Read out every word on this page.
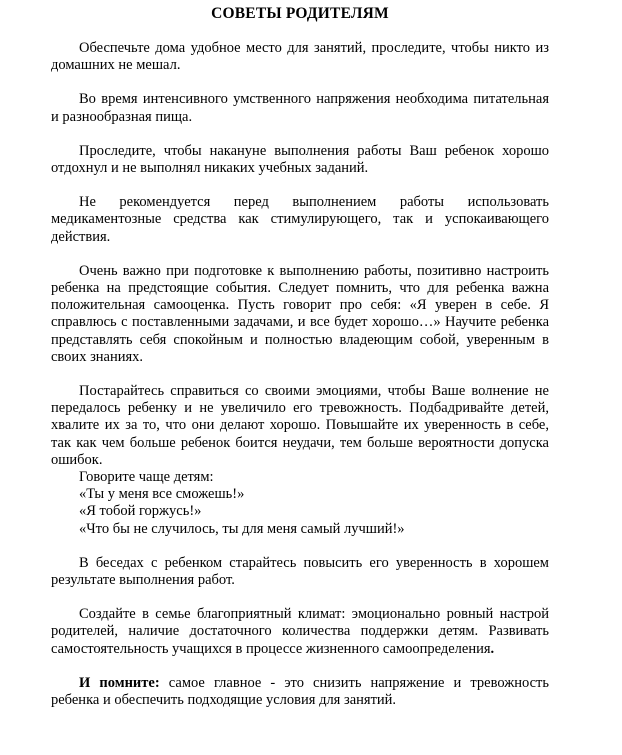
СОВЕТЫ РОДИТЕЛЯМ

Обеспечьте дома удобное место для занятий, проследите, чтобы никто из домашних не мешал.

Во время интенсивного умственного напряжения необходима питательная и разнообразная пища.

Проследите, чтобы накануне выполнения работы Ваш ребенок хорошо отдохнул и не выполнял никаких учебных заданий.

Не рекомендуется перед выполнением работы использовать медикаментозные средства как стимулирующего, так и успокаивающего действия.

Очень важно при подготовке к выполнению работы, позитивно настроить ребенка на предстоящие события. Следует помнить, что для ребенка важна положительная самооценка. Пусть говорит про себя: «Я уверен в себе. Я справлюсь с поставленными задачами, и все будет хорошо…» Научите ребенка представлять себя спокойным и полностью владеющим собой, уверенным в своих знаниях.

Постарайтесь справиться со своими эмоциями, чтобы Ваше волнение не передалось ребенку и не увеличило его тревожность. Подбадривайте детей, хвалите их за то, что они делают хорошо. Повышайте их уверенность в себе, так как чем больше ребенок боится неудачи, тем больше вероятности допуска ошибок.

Говорите чаще детям:

«Ты у меня все сможешь!»

«Я тобой горжусь!»

«Что бы не случилось, ты для меня самый лучший!»

В беседах с ребенком старайтесь повысить его уверенность в хорошем результате выполнения работ.

Создайте в семье благоприятный климат: эмоционально ровный настрой родителей, наличие достаточного количества поддержки детям. Развивать самостоятельность учащихся в процессе жизненного самоопределения.

И помните: самое главное - это снизить напряжение и тревожность ребенка и обеспечить подходящие условия для занятий.
